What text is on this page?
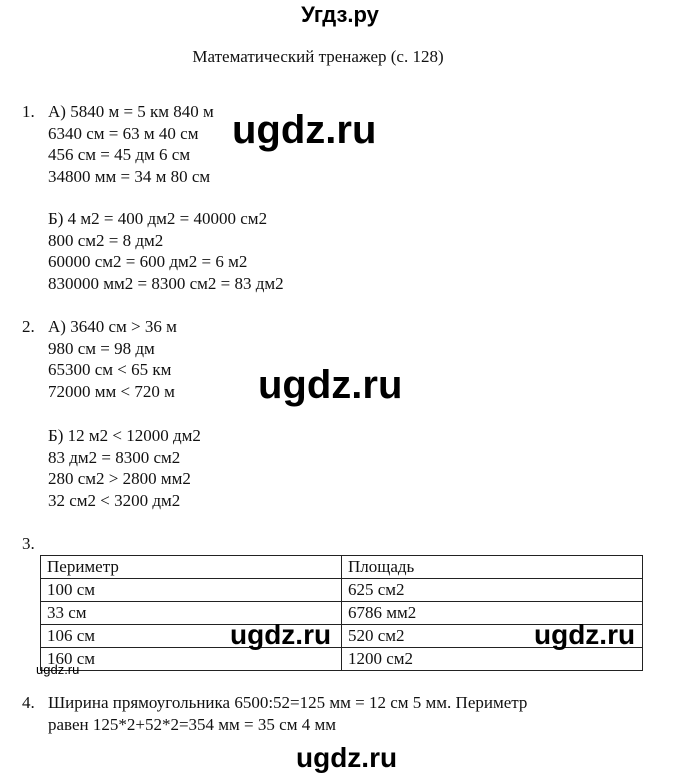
Угдз.ру
Математический тренажер (с. 128)
1. А) 5840 м = 5 км 840 м
6340 см = 63 м 40 см
456 см = 45 дм 6 см
34800 мм = 34 м 80 см
Б) 4 м2 = 400 дм2 = 40000 см2
800 см2 = 8 дм2
60000 см2 = 600 дм2 = 6 м2
830000 мм2 = 8300 см2 = 83 дм2
2. А) 3640 см > 36 м
980 см = 98 дм
65300 см < 65 км
72000 мм < 720 м
Б) 12 м2 < 12000 дм2
83 дм2 = 8300 см2
280 см2 > 2800 мм2
32 см2 < 3200 дм2
3.
Периметр	Площадь
100 см	625 см2
33 см	6786 мм2
106 см	520 см2
160 см	1200 см2
4. Ширина прямоугольника 6500:52=125 мм = 12 см 5 мм. Периметр
равен 125*2+52*2=354 мм = 35 см 4 мм
ugdz.ru
ugdz.ru
ugdz.ru	ugdz.ru
ugdz.ru
ugdz.ru
